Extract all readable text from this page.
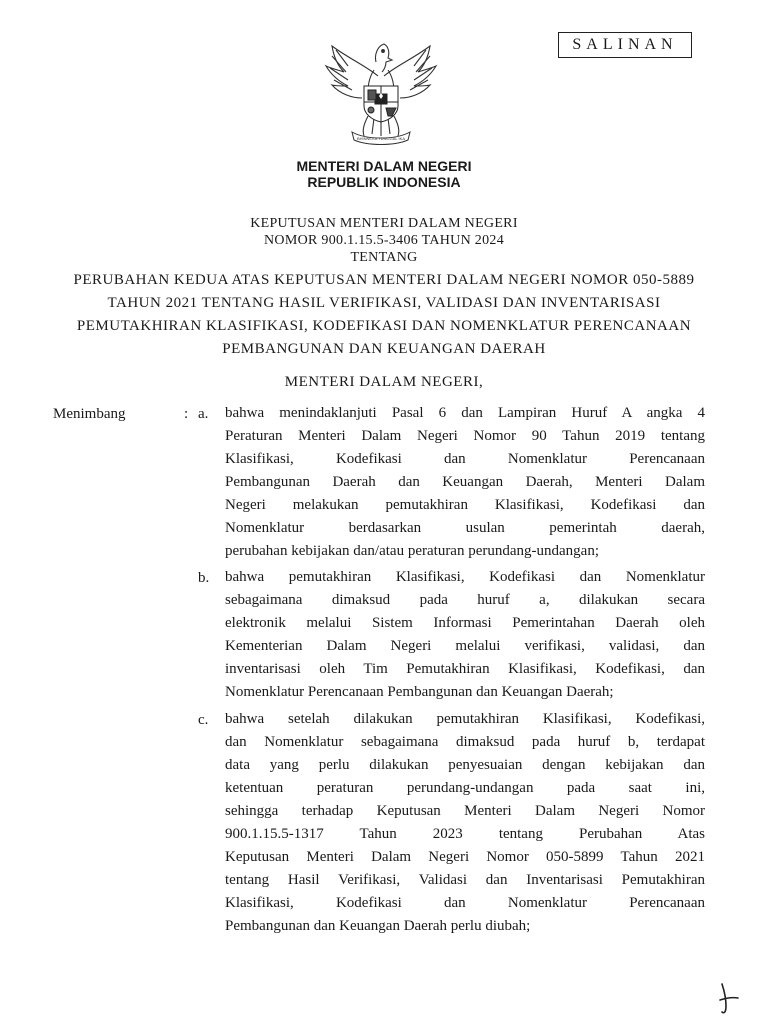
SALINAN
BHINNEKA TUNGGAL IKA
MENTERI DALAM NEGERI
REPUBLIK INDONESIA
KEPUTUSAN MENTERI DALAM NEGERI
NOMOR 900.1.15.5-3406 TAHUN 2024
TENTANG
PERUBAHAN KEDUA ATAS KEPUTUSAN MENTERI DALAM NEGERI NOMOR 050-5889
TAHUN 2021 TENTANG HASIL VERIFIKASI, VALIDASI DAN INVENTARISASI
PEMUTAKHIRAN KLASIFIKASI, KODEFIKASI DAN NOMENKLATUR PERENCANAAN
PEMBANGUNAN DAN KEUANGAN DAERAH
MENTERI DALAM NEGERI,
Menimbang	: a. bahwa menindaklanjuti Pasal 6 dan Lampiran Huruf A angka 4
Peraturan Menteri Dalam Negeri Nomor 90 Tahun 2019 tentang
Klasifikasi, Kodefikasi dan Nomenklatur Perencanaan
Pembangunan Daerah dan Keuangan Daerah, Menteri Dalam
Negeri melakukan pemutakhiran Klasifikasi, Kodefikasi dan
Nomenklatur berdasarkan usulan pemerintah daerah,
perubahan kebijakan dan/atau peraturan perundang-undangan;
b. bahwa pemutakhiran Klasifikasi, Kodefikasi dan Nomenklatur
sebagaimana dimaksud pada huruf a, dilakukan secara
elektronik melalui Sistem Informasi Pemerintahan Daerah oleh
Kementerian Dalam Negeri melalui verifikasi, validasi, dan
inventarisasi oleh Tim Pemutakhiran Klasifikasi, Kodefikasi, dan
Nomenklatur Perencanaan Pembangunan dan Keuangan Daerah;
c. bahwa setelah dilakukan pemutakhiran Klasifikasi, Kodefikasi,
dan Nomenklatur sebagaimana dimaksud pada huruf b, terdapat
data yang perlu dilakukan penyesuaian dengan kebijakan dan
ketentuan peraturan perundang-undangan pada saat ini,
sehingga terhadap Keputusan Menteri Dalam Negeri Nomor
900.1.15.5-1317 Tahun 2023 tentang Perubahan Atas
Keputusan Menteri Dalam Negeri Nomor 050-5899 Tahun 2021
tentang Hasil Verifikasi, Validasi dan Inventarisasi Pemutakhiran
Klasifikasi, Kodefikasi dan Nomenklatur Perencanaan
Pembangunan dan Keuangan Daerah perlu diubah;
